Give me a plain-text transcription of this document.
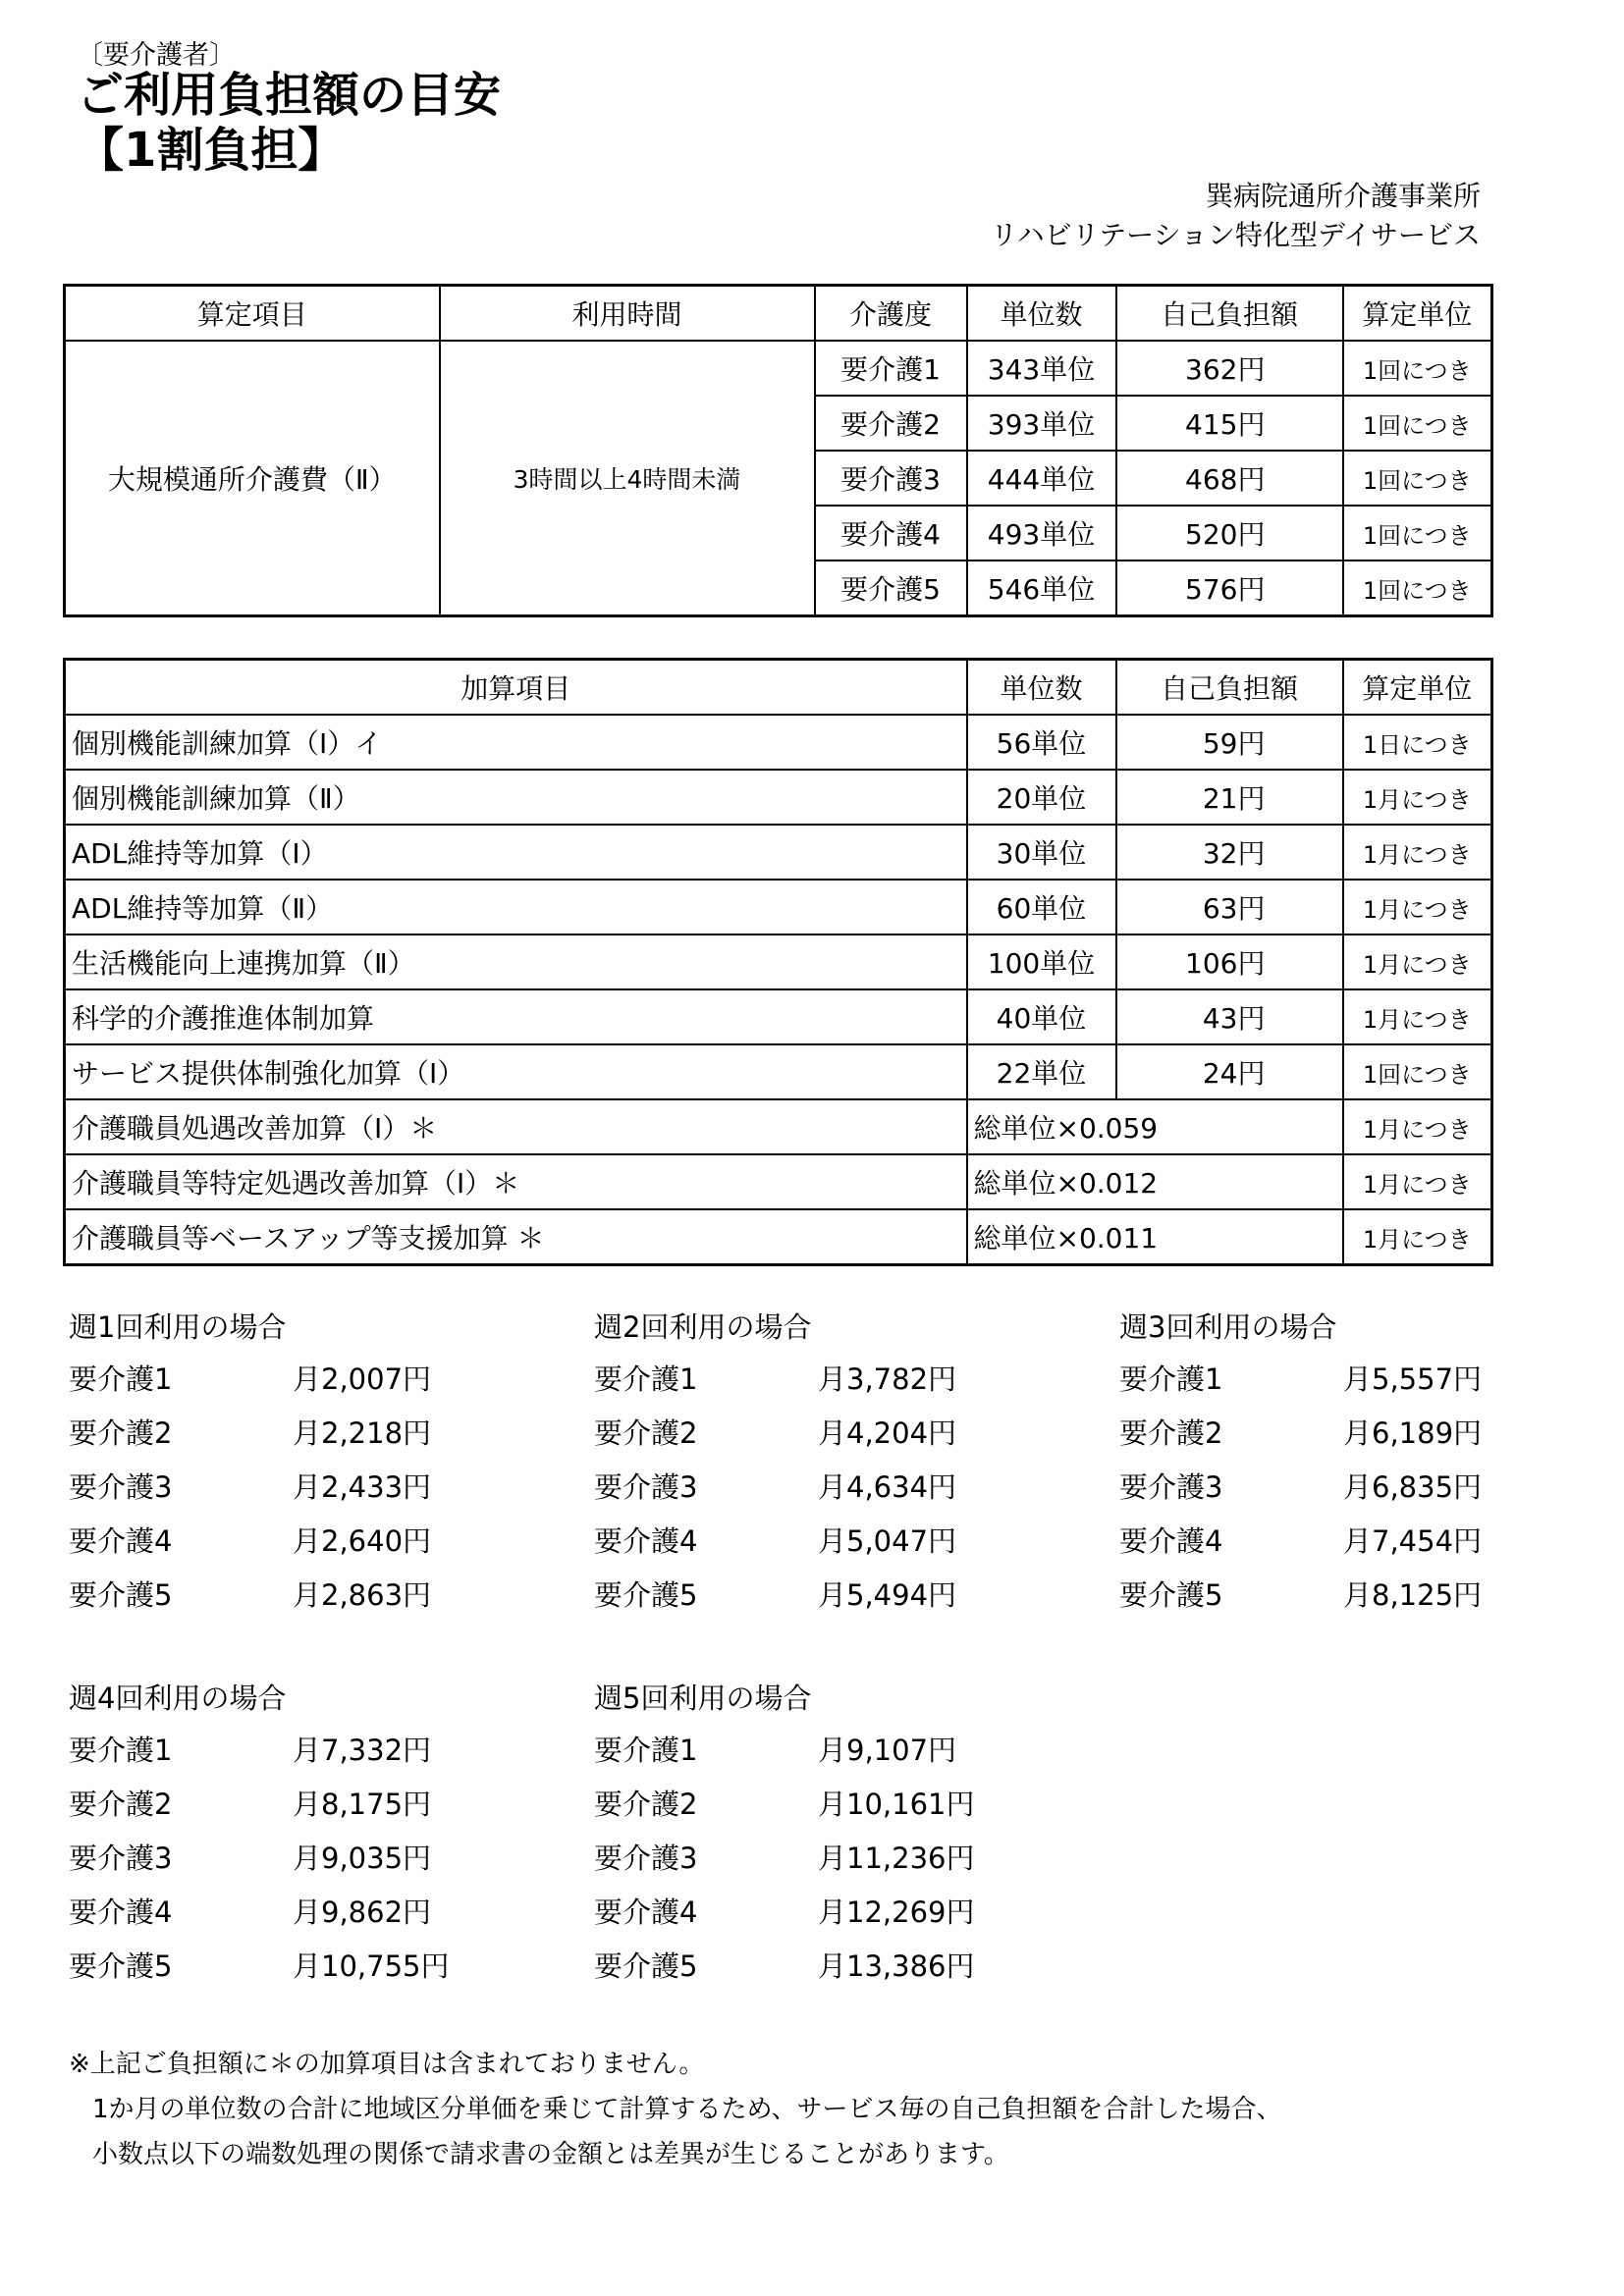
〔要介護者〕
ご利用負担額の目安
【1割負担】
巽病院通所介護事業所
リハビリテーション特化型デイサービス
算定項目	利用時間	介護度	単位数	自己負担額	算定単位
大規模通所介護費（Ⅱ）	3時間以上4時間未満	要介護1	343単位	362円	1回につき
		要介護2	393単位	415円	1回につき
		要介護3	444単位	468円	1回につき
		要介護4	493単位	520円	1回につき
		要介護5	546単位	576円	1回につき
加算項目	単位数	自己負担額	算定単位
個別機能訓練加算（Ⅰ）イ	56単位	59円	1日につき
個別機能訓練加算（Ⅱ）	20単位	21円	1月につき
ADL維持等加算（Ⅰ）	30単位	32円	1月につき
ADL維持等加算（Ⅱ）	60単位	63円	1月につき
生活機能向上連携加算（Ⅱ）	100単位	106円	1月につき
科学的介護推進体制加算	40単位	43円	1月につき
サービス提供体制強化加算（Ⅰ）	22単位	24円	1回につき
介護職員処遇改善加算（Ⅰ）＊	総単位×0.059		1月につき
介護職員等特定処遇改善加算（Ⅰ）＊	総単位×0.012		1月につき
介護職員等ベースアップ等支援加算 ＊	総単位×0.011		1月につき
週1回利用の場合
要介護1	月2,007円
要介護2	月2,218円
要介護3	月2,433円
要介護4	月2,640円
要介護5	月2,863円
週2回利用の場合
要介護1	月3,782円
要介護2	月4,204円
要介護3	月4,634円
要介護4	月5,047円
要介護5	月5,494円
週3回利用の場合
要介護1	月5,557円
要介護2	月6,189円
要介護3	月6,835円
要介護4	月7,454円
要介護5	月8,125円
週4回利用の場合
要介護1	月7,332円
要介護2	月8,175円
要介護3	月9,035円
要介護4	月9,862円
要介護5	月10,755円
週5回利用の場合
要介護1	月9,107円
要介護2	月10,161円
要介護3	月11,236円
要介護4	月12,269円
要介護5	月13,386円
※上記ご負担額に＊の加算項目は含まれておりません。
1か月の単位数の合計に地域区分単価を乗じて計算するため、サービス毎の自己負担額を合計した場合、
小数点以下の端数処理の関係で請求書の金額とは差異が生じることがあります。
